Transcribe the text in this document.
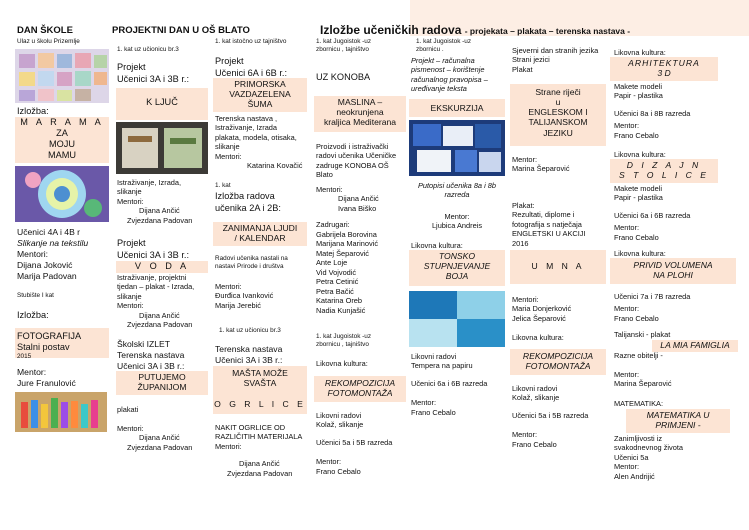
DAN ŠKOLE	PROJEKTNI DAN U OŠ BLATO	Izložbe učeničkih radova - projekata – plakata – terenska nastava -
Ulaz u školu Prizemlje
Izložba:
M A R A M A
ZA
MOJU
MAMU
Učenici 4A i 4B r
Slikanje na tekstilu
Mentori:
Dijana Joković
Marija Padovan
Stubište I kat
Izložba:
FOTOGRAFIJA
Stalni postav
2015
Mentor:
Jure Franulović
1. kat uz učionicu br.3
Projekt
Učenici 3A i 3B r.:
K LJUČ
Istraživanje, Izrada,
slikanje
Mentori:
Dijana Ančić
Zvjezdana Padovan
Projekt
Učenici 3A i 3B r.:
V O D A
Istraživanje, projektni
tjedan – plakat - Izrada,
slikanje
Mentori:
Dijana Ančić
Zvjezdana Padovan
Školski IZLET
Terenska nastava
Učenici 3A i 3B r.:
PUTUJEMO
ŽUPANIJOM
plakati
Mentori:
Dijana Ančić
Zvjezdana Padovan
1. kat istočno uz tajništvo
Projekt
Učenici 6A i 6B r.:
PRIMORSKA
VAZDAZELENA
ŠUMA
Terenska nastava ,
Istraživanje, Izrada
plakata, modela, otisaka,
slikanje
Mentori:
Katarina Kovačić
1. kat
Izložba radova
učenika 2A i 2B:
ZANIMANJA LJUDI
/ KALENDAR
Radovi učenika nastali na
nastavi Prirode i društva
Mentori:
Đurđica Ivanković
Marija Jerebić
1. kat uz učionicu br.3
Terenska nastava
Učenici 3A i 3B r.:
MAŠTA MOŽE
SVAŠTA
O G R L I C E
NAKIT OGRLICE OD
RAZLIČITIH MATERIJALA
Mentori:
Dijana Ančić
Zvjezdana Padovan
1. kat Jugoistok -uz
zbornicu , tajništvo
UZ KONOBA
MASLINA –
neokrunjena
kraljica Mediterana
Proizvodi i istraživački
radovi učenika Učeničke
zadruge KONOBA OŠ
Blato
Mentori:
Dijana Ančić
Ivana Biško
Zadrugari:
Gabrijela Borovina
Marijana Marinović
Matej Šeparović
Ante Loje
Vid Vojvodić
Petra Cetinić
Petra Bačić
Katarina Oreb
Nadia Kunjašić
1. kat Jugoistok -uz
zbornicu , tajništvo
Likovna kultura:
REKOMPOZICIJA
FOTOMONTAŽA
Likovni radovi
Kolaž, slikanje
Učenici 5a i 5B razreda
Mentor:
Frano Cebalo
1. kat Jugoistok -uz
zbornicu .
Projekt – računalna
pismenost – korištenje
računalnog pravopisa –
uređivanje teksta
EKSKURZIJA
Putopisi učenika 8a i 8b
razreda
Mentor:
Ljubica Andreis
Likovna kultura:
TONSKO
STUPNJEVANJE
BOJA
Likovni radovi
Tempera na papiru
Učenici 6a i 6B razreda
Mentor:
Frano Cebalo
Sjeverni dan stranih jezika
Strani jezici
Plakat
Strane riječi
u
ENGLESKOM I
TALIJANSKOM
JEZIKU
Mentor:
Marina Šeparović
Plakat:
Rezultati, diplome i
fotografija s natječaja
ENGLETSKI U AKCIJI
2016
U M N A
Mentori:
Maria Donjerković
Jelica Šeparović
Likovna kultura:
REKOMPOZICIJA
FOTOMONTAŽA
Likovni radovi
Kolaž, slikanje
Učenici 5a i 5B razreda
Mentor:
Frano Cebalo
Likovna kultura:
ARHITEKTURA
3 D
Makete modeli
Papir - plastika
Učenici 8a i 8B razreda
Mentor:
Frano Cebalo
Likovna kultura:
D I Z A J N
S T O L I C E
Makete modeli
Papir - plastika
Učenici 6a i 6B razreda
Mentor:
Frano Cebalo
Likovna kultura:
PRIVID VOLUMENA
NA PLOHI
Učenici 7a i 7B razreda
Mentor:
Frano Cebalo
Talijanski - plakat
LA MIA FAMIGLIA
Razne obitelji -
Mentor:
Marina Šeparović
MATEMATIKA:
MATEMATIKA U
PRIMJENI -
Zanimljivosti iz
svakodnevnog života
Učenici 5a
Mentor:
Alen Andrijić
